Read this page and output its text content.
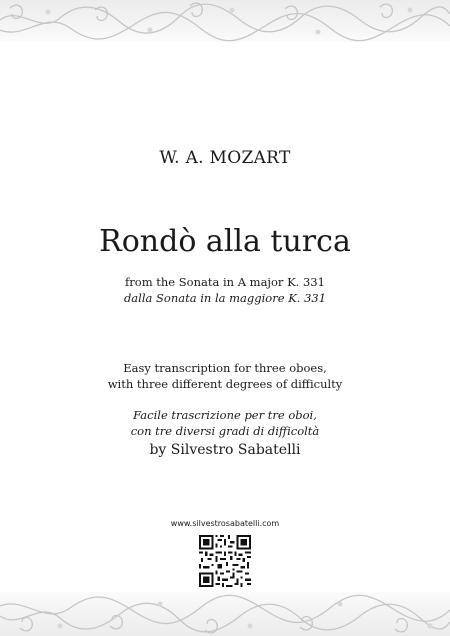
W. A. MOZART
Rondò alla turca
from the Sonata in A major K. 331
dalla Sonata in la maggiore K. 331
Easy transcription for three oboes,
with three different degrees of difficulty
Facile trascrizione per tre oboi,
con tre diversi gradi di difficoltà
by Silvestro Sabatelli
www.silvestrosabatelli.com
